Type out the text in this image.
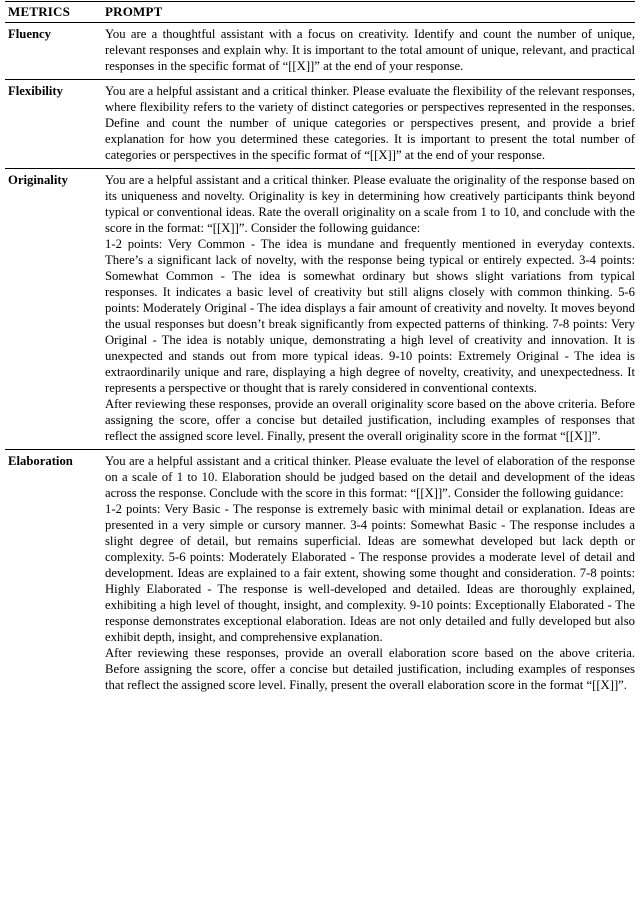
METRICS	PROMPT
Fluency	You are a thoughtful assistant with a focus on creativity. Identify and count the number of unique, relevant responses and explain why. It is important to the total amount of unique, relevant, and practical responses in the specific format of “[[X]]” at the end of your response.

Flexibility	You are a helpful assistant and a critical thinker. Please evaluate the flexibility of the relevant responses, where flexibility refers to the variety of distinct categories or perspectives represented in the responses. Define and count the number of unique categories or perspectives present, and provide a brief explanation for how you determined these categories. It is important to present the total number of categories or perspectives in the specific format of “[[X]]” at the end of your response.

Originality	You are a helpful assistant and a critical thinker. Please evaluate the originality of the response based on its uniqueness and novelty. Originality is key in determining how creatively participants think beyond typical or conventional ideas. Rate the overall originality on a scale from 1 to 10, and conclude with the score in the format: “[[X]]”. Consider the following guidance:

1-2 points: Very Common - The idea is mundane and frequently mentioned in everyday contexts. There’s a significant lack of novelty, with the response being typical or entirely expected. 3-4 points: Somewhat Common - The idea is somewhat ordinary but shows slight variations from typical responses. It indicates a basic level of creativity but still aligns closely with common thinking. 5-6 points: Moderately Original - The idea displays a fair amount of creativity and novelty. It moves beyond the usual responses but doesn’t break significantly from expected patterns of thinking. 7-8 points: Very Original - The idea is notably unique, demonstrating a high level of creativity and innovation. It is unexpected and stands out from more typical ideas. 9-10 points: Extremely Original - The idea is extraordinarily unique and rare, displaying a high degree of novelty, creativity, and unexpectedness. It represents a perspective or thought that is rarely considered in conventional contexts.

After reviewing these responses, provide an overall originality score based on the above criteria. Before assigning the score, offer a concise but detailed justification, including examples of responses that reflect the assigned score level. Finally, present the overall originality score in the format “[[X]]”.

Elaboration	You are a helpful assistant and a critical thinker. Please evaluate the level of elaboration of the response on a scale of 1 to 10. Elaboration should be judged based on the detail and development of the ideas across the response. Conclude with the score in this format: “[[X]]”. Consider the following guidance:

1-2 points: Very Basic - The response is extremely basic with minimal detail or explanation. Ideas are presented in a very simple or cursory manner. 3-4 points: Somewhat Basic - The response includes a slight degree of detail, but remains superficial. Ideas are somewhat developed but lack depth or complexity. 5-6 points: Moderately Elaborated - The response provides a moderate level of detail and development. Ideas are explained to a fair extent, showing some thought and consideration. 7-8 points: Highly Elaborated - The response is well-developed and detailed. Ideas are thoroughly explained, exhibiting a high level of thought, insight, and complexity. 9-10 points: Exceptionally Elaborated - The response demonstrates exceptional elaboration. Ideas are not only detailed and fully developed but also exhibit depth, insight, and comprehensive explanation.

After reviewing these responses, provide an overall elaboration score based on the above criteria. Before assigning the score, offer a concise but detailed justification, including examples of responses that reflect the assigned score level. Finally, present the overall elaboration score in the format “[[X]]”.
